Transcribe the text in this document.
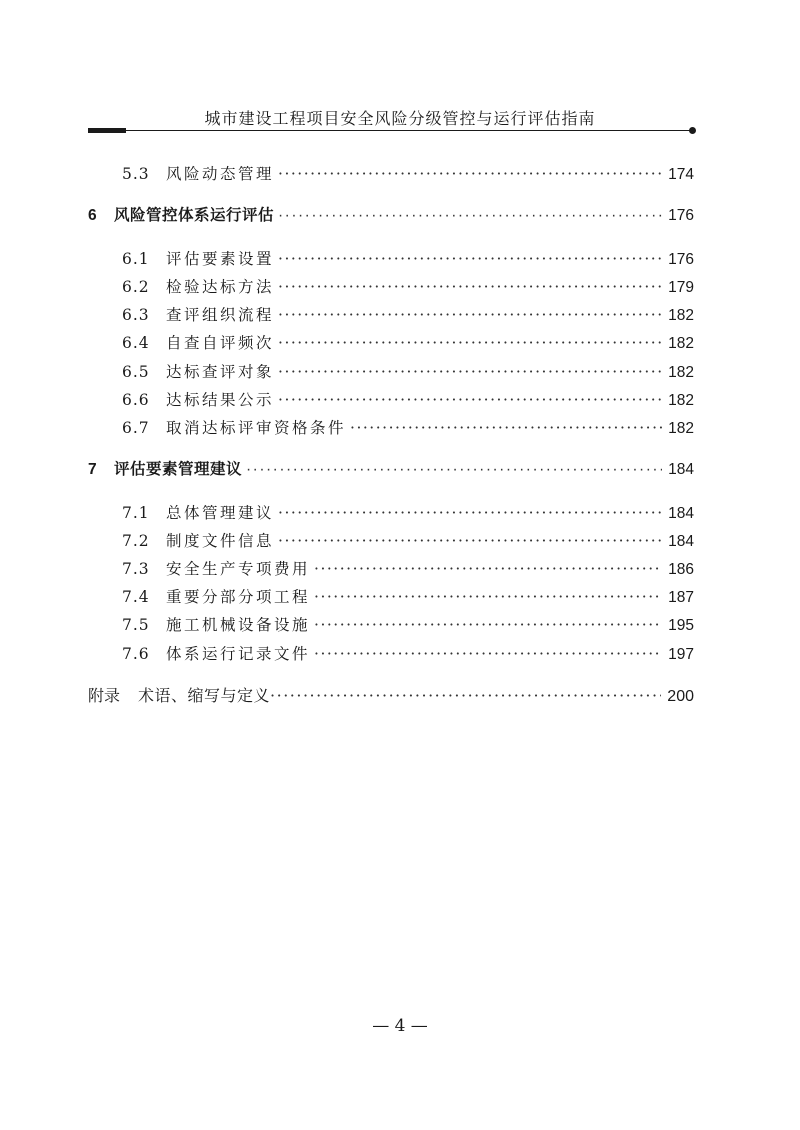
城市建设工程项目安全风险分级管控与运行评估指南
5.3	风险动态管理 ·····	174
6	风险管控体系运行评估 ·····	176
6.1	评估要素设置 ·····	176
6.2	检验达标方法 ·····	179
6.3	查评组织流程 ·····	182
6.4	自查自评频次 ·····	182
6.5	达标查评对象 ·····	182
6.6	达标结果公示 ·····	182
6.7	取消达标评审资格条件 ·····	182
7	评估要素管理建议 ·····	184
7.1	总体管理建议 ·····	184
7.2	制度文件信息 ·····	184
7.3	安全生产专项费用 ·····	186
7.4	重要分部分项工程 ·····	187
7.5	施工机械设备设施 ·····	195
7.6	体系运行记录文件 ·····	197
附录	术语、缩写与定义 ·····	200
— 4 —
